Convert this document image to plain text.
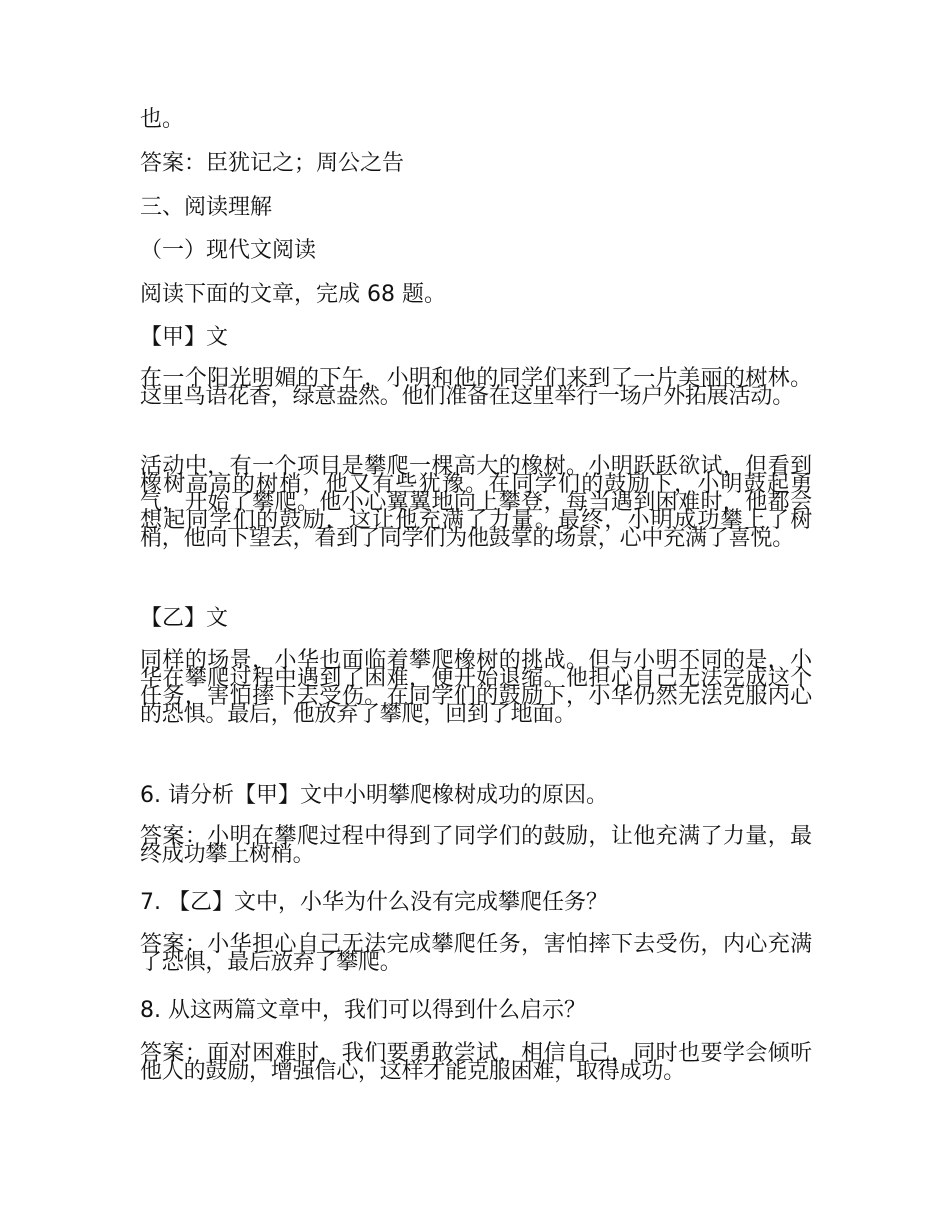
也。
答案：臣犹记之；周公之告
三、阅读理解
（一）现代文阅读
阅读下面的文章，完成 68 题。
【甲】文
在一个阳光明媚的下午，小明和他的同学们来到了一片美丽的树林。这里鸟语花香，绿意盎然。他们准备在这里举行一场户外拓展活动。
活动中，有一个项目是攀爬一棵高大的橡树。小明跃跃欲试，但看到橡树高高的树梢，他又有些犹豫。在同学们的鼓励下，小明鼓起勇气，开始了攀爬。他小心翼翼地向上攀登，每当遇到困难时，他都会想起同学们的鼓励，这让他充满了力量。最终，小明成功攀上了树梢，他向下望去，看到了同学们为他鼓掌的场景，心中充满了喜悦。
【乙】文
同样的场景，小华也面临着攀爬橡树的挑战。但与小明不同的是，小华在攀爬过程中遇到了困难，便开始退缩。他担心自己无法完成这个任务，害怕摔下去受伤。在同学们的鼓励下，小华仍然无法克服内心的恐惧。最后，他放弃了攀爬，回到了地面。
6. 请分析【甲】文中小明攀爬橡树成功的原因。
答案：小明在攀爬过程中得到了同学们的鼓励，让他充满了力量，最终成功攀上树梢。
7. 【乙】文中，小华为什么没有完成攀爬任务？
答案：小华担心自己无法完成攀爬任务，害怕摔下去受伤，内心充满了恐惧，最后放弃了攀爬。
8. 从这两篇文章中，我们可以得到什么启示？
答案：面对困难时，我们要勇敢尝试，相信自己，同时也要学会倾听他人的鼓励，增强信心，这样才能克服困难，取得成功。
